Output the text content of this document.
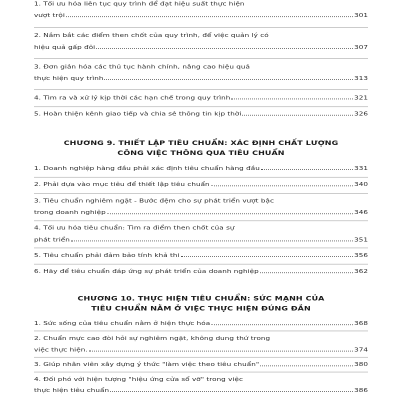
1. Tối ưu hóa liên tục quy trình để đạt hiệu suất thực hiện
vượt trội	301
2. Nắm bắt các điểm then chốt của quy trình, để việc quản lý có
hiệu quả gấp đôi	307
3. Đơn giản hóa các thủ tục hành chính, nâng cao hiệu quả
thực hiện quy trình	313
4. Tìm ra và xử lý kịp thời các hạn chế trong quy trình	321
5. Hoàn thiện kênh giao tiếp và chia sẻ thông tin kịp thời	326
CHƯƠNG 9. THIẾT LẬP TIÊU CHUẨN: XÁC ĐỊNH CHẤT LƯỢNG
CÔNG VIỆC THÔNG QUA TIÊU CHUẨN
1. Doanh nghiệp hàng đầu phải xác định tiêu chuẩn hàng đầu	331
2. Phải dựa vào mục tiêu để thiết lập tiêu chuẩn	340
3. Tiêu chuẩn nghiêm ngặt - Bước đệm cho sự phát triển vượt bậc
trong doanh nghiệp	346
4. Tối ưu hóa tiêu chuẩn: Tìm ra điểm then chốt của sự
phát triển	351
5. Tiêu chuẩn phải đảm bảo tính khả thi	356
6. Hãy để tiêu chuẩn đáp ứng sự phát triển của doanh nghiệp	362
CHƯƠNG 10. THỰC HIỆN TIÊU CHUẨN: SỨC MẠNH CỦA
TIÊU CHUẨN NẰM Ở VIỆC THỰC HIỆN ĐÚNG ĐẮN
1. Sức sống của tiêu chuẩn nằm ở hiện thực hóa	368
2. Chuẩn mực cao đòi hỏi sự nghiêm ngặt, không dung thứ trong
việc thực hiện.	374
3. Giúp nhân viên xây dựng ý thức "làm việc theo tiêu chuẩn"	380
4. Đối phó với hiện tượng "hiệu ứng cửa sổ vỡ" trong việc
thực hiện tiêu chuẩn	386
